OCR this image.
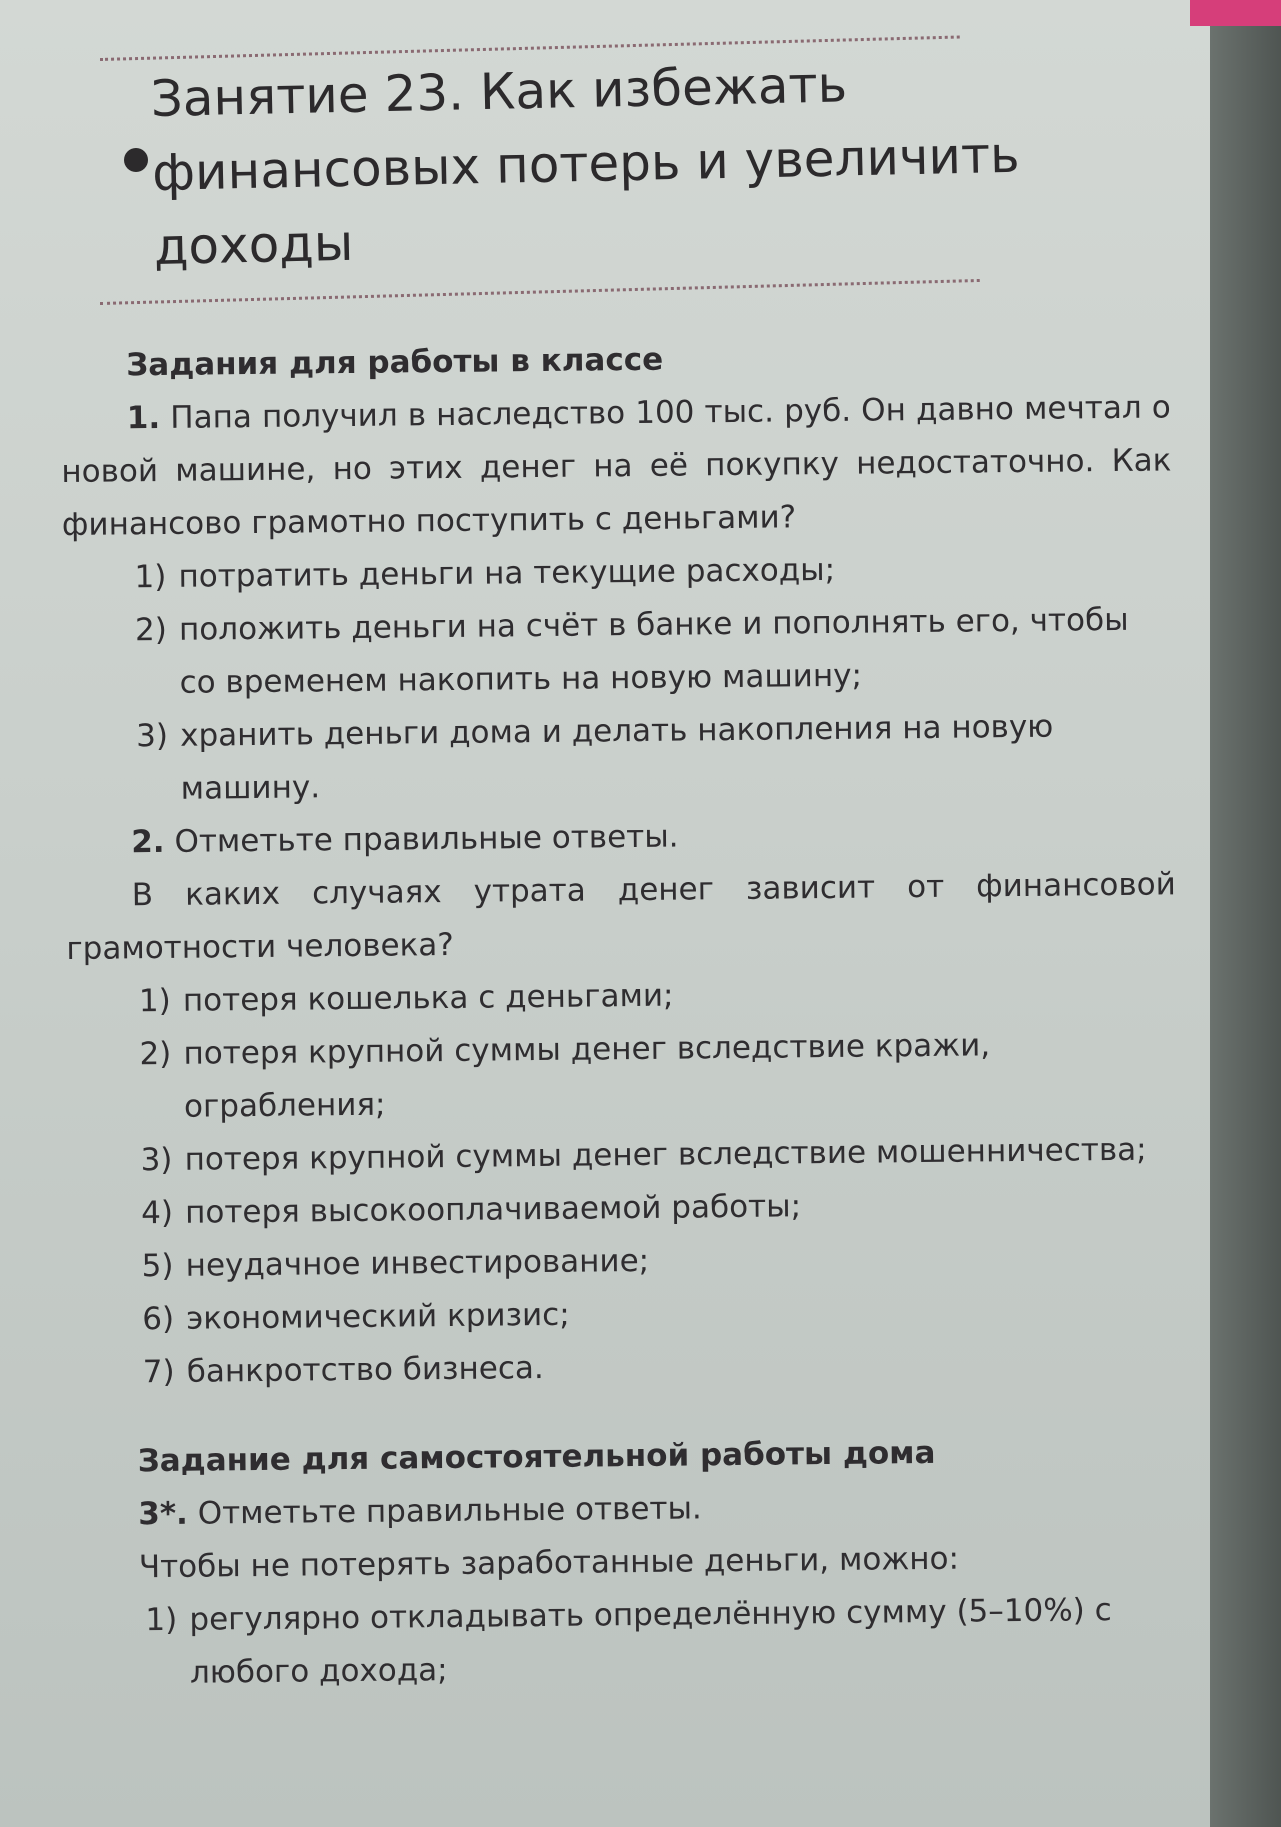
Занятие 23. Как избежать
финансовых потерь и увеличить
доходы
Задания для работы в классе

1. Папа получил в наследство 100 тыс. руб. Он давно мечтал о новой машине, но этих денег на её покупку недостаточно. Как финансово грамотно поступить с деньгами?

1) потратить деньги на текущие расходы;
2) положить деньги на счёт в банке и пополнять его, чтобы со временем накопить на новую машину;
3) хранить деньги дома и делать накопления на новую машину.

2. Отметьте правильные ответы.

В каких случаях утрата денег зависит от финансовой грамотности человека?

1) потеря кошелька с деньгами;
2) потеря крупной суммы денег вследствие кражи, ограбления;
3) потеря крупной суммы денег вследствие мошенничества;
4) потеря высокооплачиваемой работы;
5) неудачное инвестирование;
6) экономический кризис;
7) банкротство бизнеса.
Задание для самостоятельной работы дома

3*. Отметьте правильные ответы.

Чтобы не потерять заработанные деньги, можно:

1) регулярно откладывать определённую сумму (5–10%) с любого дохода;
